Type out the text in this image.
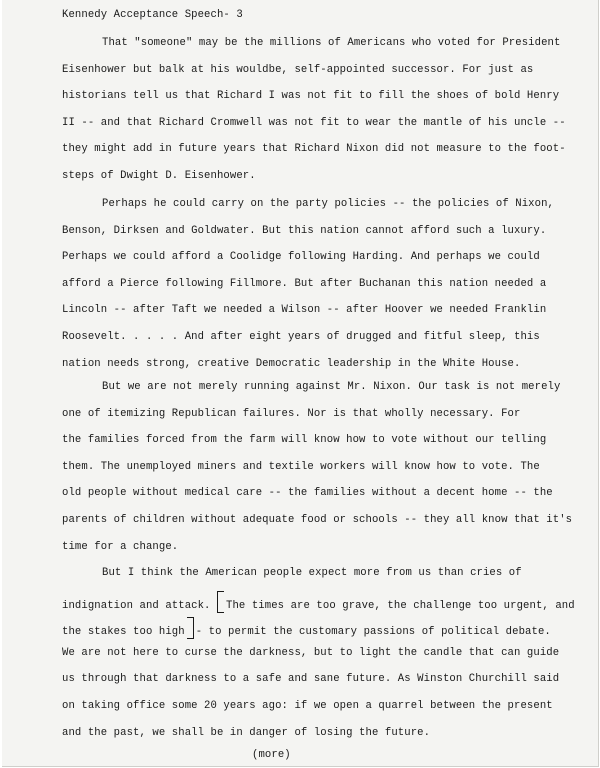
Kennedy Acceptance Speech- 3
That "someone" may be the millions of Americans who voted for President
Eisenhower but balk at his wouldbe, self-appointed successor. For just as
historians tell us that Richard I was not fit to fill the shoes of bold Henry
II -- and that Richard Cromwell was not fit to wear the mantle of his uncle --
they might add in future years that Richard Nixon did not measure to the foot-
steps of Dwight D. Eisenhower.
Perhaps he could carry on the party policies -- the policies of Nixon,
Benson, Dirksen and Goldwater. But this nation cannot afford such a luxury.
Perhaps we could afford a Coolidge following Harding. And perhaps we could
afford a Pierce following Fillmore. But after Buchanan this nation needed a
Lincoln -- after Taft we needed a Wilson -- after Hoover we needed Franklin
Roosevelt. . . . . And after eight years of drugged and fitful sleep, this
nation needs strong, creative Democratic leadership in the White House.
But we are not merely running against Mr. Nixon. Our task is not merely
one of itemizing Republican failures. Nor is that wholly necessary. For
the families forced from the farm will know how to vote without our telling
them. The unemployed miners and textile workers will know how to vote. The
old people without medical care -- the families without a decent home -- the
parents of children without adequate food or schools -- they all know that it's
time for a change.
But I think the American people expect more from us than cries of
indignation and attack. The times are too grave, the challenge too urgent, and
the stakes too high - to permit the customary passions of political debate.
We are not here to curse the darkness, but to light the candle that can guide
us through that darkness to a safe and sane future. As Winston Churchill said
on taking office some 20 years ago: if we open a quarrel between the present
and the past, we shall be in danger of losing the future.
(more)
